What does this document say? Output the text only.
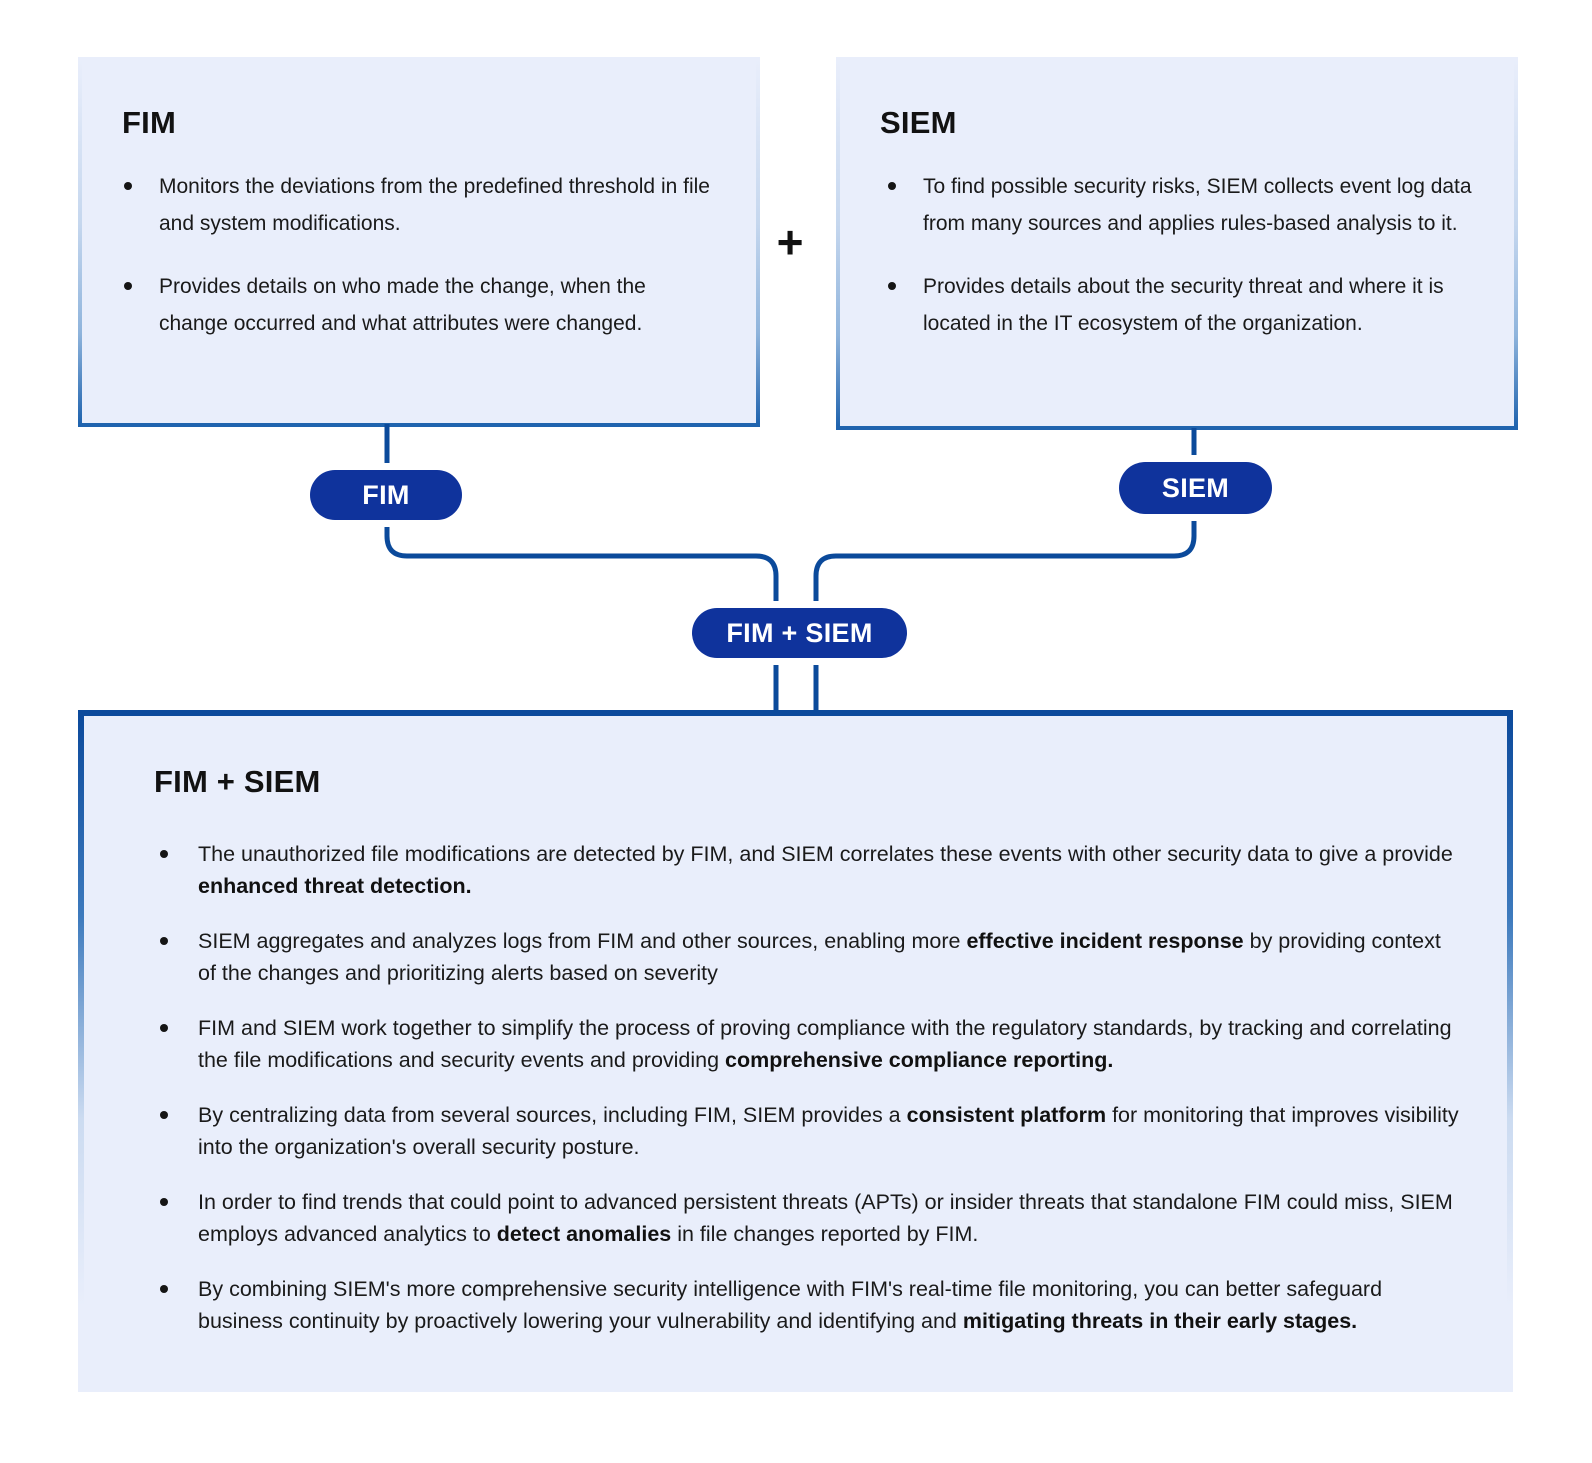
FIM
Monitors the deviations from the predefined threshold in file and system modifications.
Provides details on who made the change, when the change occurred and what attributes were changed.
+
SIEM
To find possible security risks, SIEM collects event log data from many sources and applies rules-based analysis to it.
Provides details about the security threat and where it is located in the IT ecosystem of the organization.
FIM	SIEM
FIM + SIEM
FIM + SIEM
The unauthorized file modifications are detected by FIM, and SIEM correlates these events with other security data to give a provide enhanced threat detection.
SIEM aggregates and analyzes logs from FIM and other sources, enabling more effective incident response by providing context of the changes and prioritizing alerts based on severity
FIM and SIEM work together to simplify the process of proving compliance with the regulatory standards, by tracking and correlating the file modifications and security events and providing comprehensive compliance reporting.
By centralizing data from several sources, including FIM, SIEM provides a consistent platform for monitoring that improves visibility into the organization's overall security posture.
In order to find trends that could point to advanced persistent threats (APTs) or insider threats that standalone FIM could miss, SIEM employs advanced analytics to detect anomalies in file changes reported by FIM.
By combining SIEM's more comprehensive security intelligence with FIM's real-time file monitoring, you can better safeguard business continuity by proactively lowering your vulnerability and identifying and mitigating threats in their early stages.
